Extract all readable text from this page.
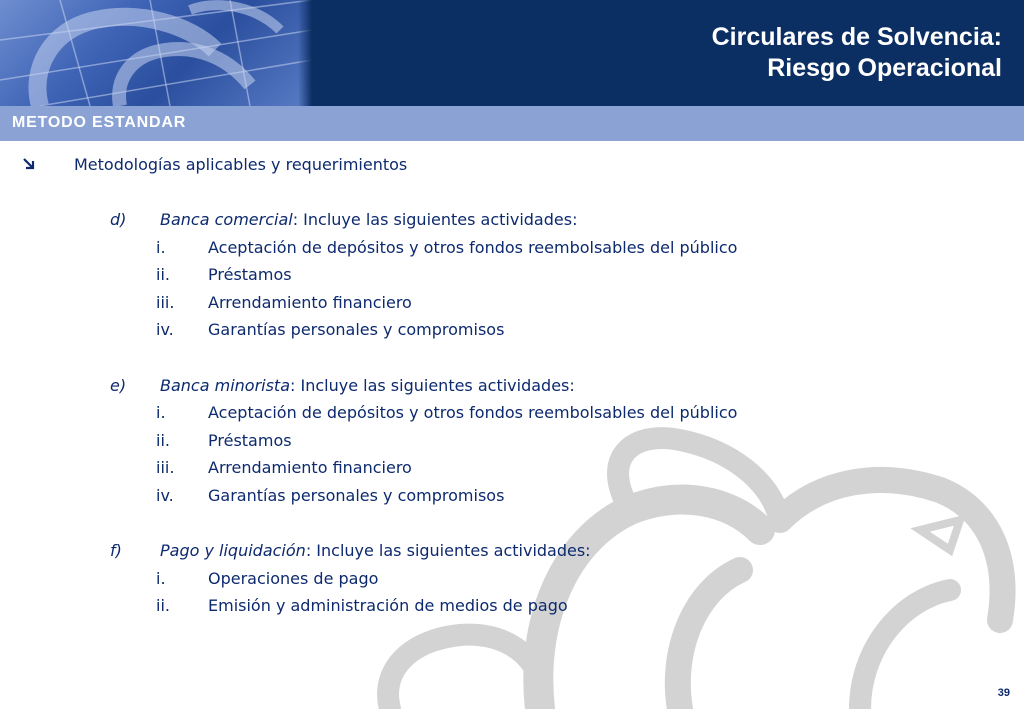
Circulares de Solvencia:
Riesgo Operacional
METODO ESTANDAR
Metodologías aplicables y requerimientos
d) Banca comercial: Incluye las siguientes actividades:
i.	Aceptación de depósitos y otros fondos reembolsables del público
ii.	Préstamos
iii.	Arrendamiento financiero
iv.	Garantías personales y compromisos
e) Banca minorista: Incluye las siguientes actividades:
i.	Aceptación de depósitos y otros fondos reembolsables del público
ii.	Préstamos
iii.	Arrendamiento financiero
iv.	Garantías personales y compromisos
f) Pago y liquidación: Incluye las siguientes actividades:
i.	Operaciones de pago
ii.	Emisión y administración de medios de pago
39
